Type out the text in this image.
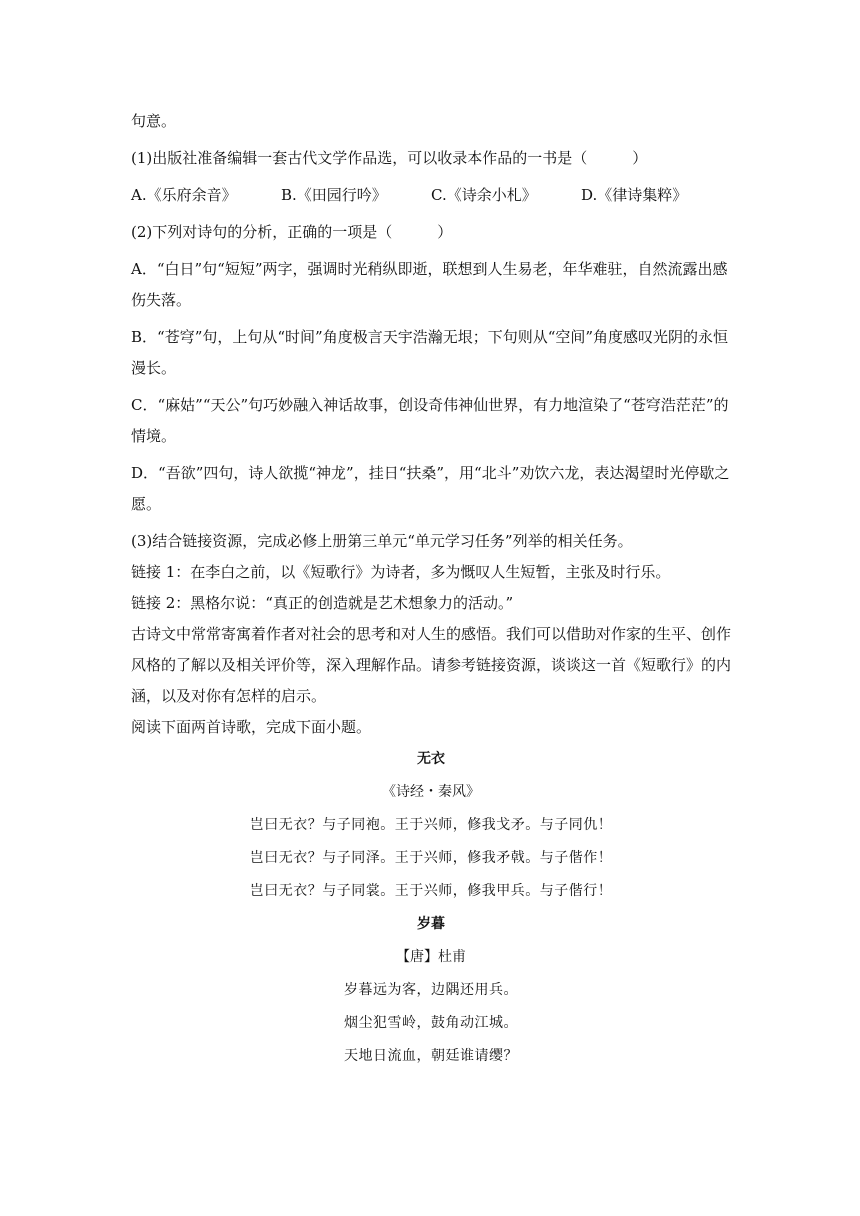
句意。

(1)出版社准备编辑一套古代文学作品选，可以收录本作品的一书是（　　　）

A.《乐府余音》	B.《田园行吟》	C.《诗余小札》	D.《律诗集粹》

(2)下列对诗句的分析，正确的一项是（　　　）

A．“白日”句“短短”两字，强调时光稍纵即逝，联想到人生易老，年华难驻，自然流露出感伤失落。

B．“苍穹”句，上句从“时间”角度极言天宇浩瀚无垠；下句则从“空间”角度感叹光阴的永恒漫长。

C．“麻姑”“天公”句巧妙融入神话故事，创设奇伟神仙世界，有力地渲染了“苍穹浩茫茫”的情境。

D．“吾欲”四句，诗人欲揽“神龙”，挂日“扶桑”，用“北斗”劝饮六龙，表达渴望时光停歇之愿。

(3)结合链接资源，完成必修上册第三单元“单元学习任务”列举的相关任务。

链接 1：在李白之前，以《短歌行》为诗者，多为慨叹人生短暂，主张及时行乐。

链接 2：黑格尔说：“真正的创造就是艺术想象力的活动。”

古诗文中常常寄寓着作者对社会的思考和对人生的感悟。我们可以借助对作家的生平、创作风格的了解以及相关评价等，深入理解作品。请参考链接资源，谈谈这一首《短歌行》的内涵，以及对你有怎样的启示。

阅读下面两首诗歌，完成下面小题。

无衣
《诗经・秦风》
岂曰无衣？与子同袍。王于兴师，修我戈矛。与子同仇！
岂曰无衣？与子同泽。王于兴师，修我矛戟。与子偕作！
岂曰无衣？与子同裳。王于兴师，修我甲兵。与子偕行！
岁暮
【唐】杜甫
岁暮远为客，边隅还用兵。
烟尘犯雪岭，鼓角动江城。
天地日流血，朝廷谁请缨？
